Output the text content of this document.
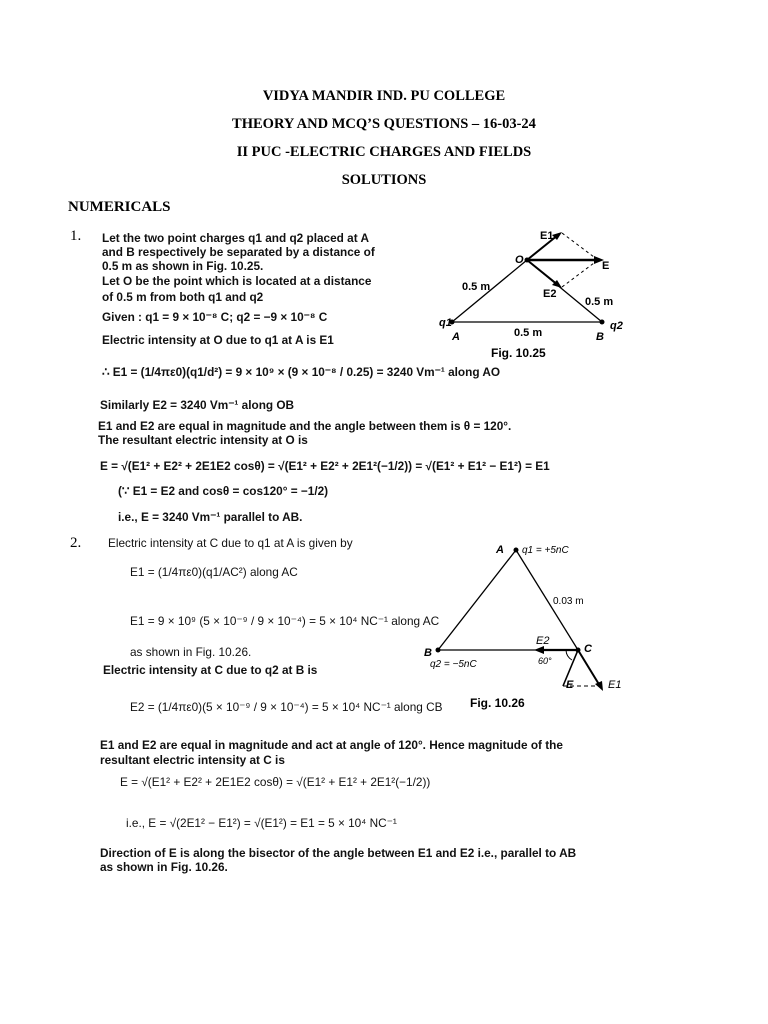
VIDYA MANDIR IND. PU COLLEGE
THEORY AND MCQ’S QUESTIONS – 16-03-24
II PUC -ELECTRIC CHARGES AND FIELDS
SOLUTIONS
NUMERICALS
1. Let the two point charges q1 and q2 placed at A
and B respectively be separated by a distance of
0.5 m as shown in Fig. 10.25.
Let O be the point which is located at a distance
of 0.5 m from both q1 and q2
Given : q1 = 9 × 10⁻⁸ C; q2 = −9 × 10⁻⁸ C
Electric intensity at O due to q1 at A is E1
∴ E1 = (1/4πε0)(q1/d²) = 9 × 10⁹ × (9 × 10⁻⁸ / 0.25) = 3240 Vm⁻¹ along AO
Similarly E2 = 3240 Vm⁻¹ along OB
E1 and E2 are equal in magnitude and the angle between them is θ = 120°.
The resultant electric intensity at O is
E = √(E1² + E2² + 2E1E2 cosθ) = √(E1² + E2² + 2E1²(−1/2)) = √(E1² + E1² − E1²) = E1
(∵ E1 = E2 and cosθ = cos120° = −1/2)
i.e., E = 3240 Vm⁻¹ parallel to AB.
E1
O	E
E2
0.5 m
0.5 m
0.5 m
q1	q2
A	B
Fig. 10.25
2. Electric intensity at C due to q1 at A is given by
E1 = (1/4πε0)(q1/AC²) along AC
E1 = 9 × 10⁹ (5 × 10⁻⁹ / 9 × 10⁻⁴) = 5 × 10⁴ NC⁻¹ along AC
as shown in Fig. 10.26.
Electric intensity at C due to q2 at B is
E2 = (1/4πε0)(5 × 10⁻⁹ / 9 × 10⁻⁴) = 5 × 10⁴ NC⁻¹ along CB
E1 and E2 are equal in magnitude and act at angle of 120°. Hence magnitude of the
resultant electric intensity at C is
E = √(E1² + E2² + 2E1E2 cosθ) = √(E1² + E1² + 2E1²(−1/2))
i.e., E = √(2E1² − E1²) = √(E1²) = E1 = 5 × 10⁴ NC⁻¹
Direction of E is along the bisector of the angle between E1 and E2 i.e., parallel to AB
as shown in Fig. 10.26.
A q1 = +5nC
0.03 m
B
q2 = −5nC
E2
C
60°
E	E1
Fig. 10.26
